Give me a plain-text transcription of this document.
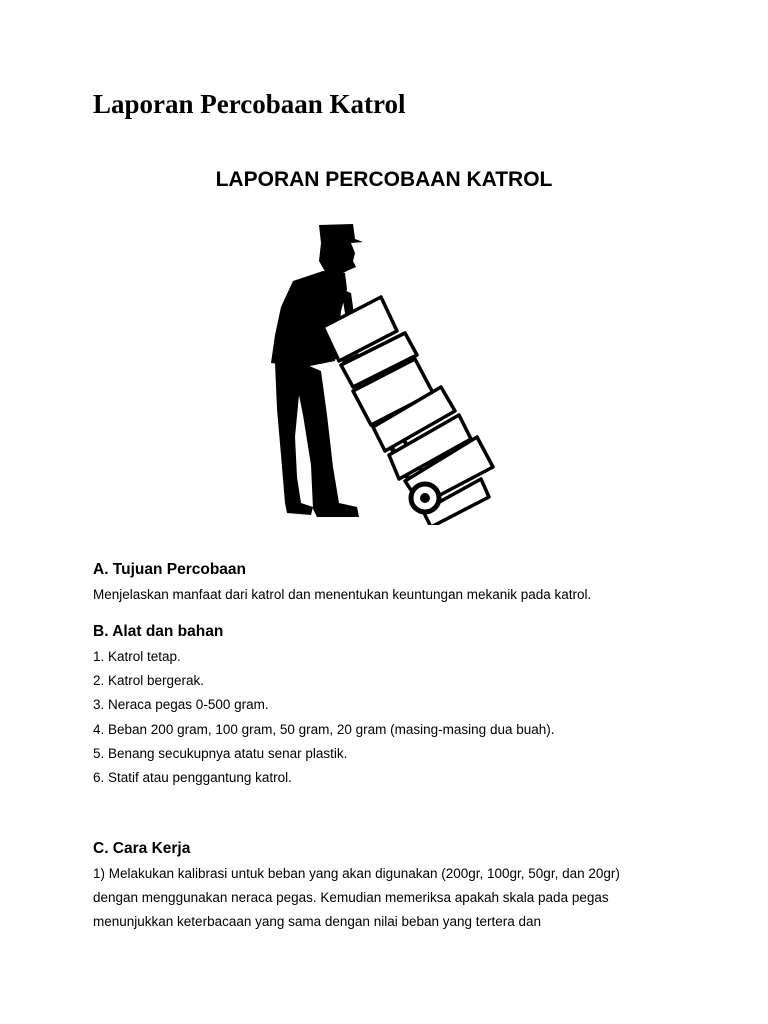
Laporan Percobaan Katrol
LAPORAN PERCOBAAN KATROL
A. Tujuan Percobaan

Menjelaskan manfaat dari katrol dan menentukan keuntungan mekanik pada katrol.

B. Alat dan bahan
1. Katrol tetap.
2. Katrol bergerak.
3. Neraca pegas 0-500 gram.
4. Beban 200 gram, 100 gram, 50 gram, 20 gram (masing-masing dua buah).
5. Benang secukupnya atatu senar plastik.
6. Statif atau penggantung katrol.
C. Cara Kerja
1) Melakukan kalibrasi untuk beban yang akan digunakan (200gr, 100gr, 50gr, dan 20gr)
dengan menggunakan neraca pegas. Kemudian memeriksa apakah skala pada pegas
menunjukkan keterbacaan yang sama dengan nilai beban yang tertera dan
